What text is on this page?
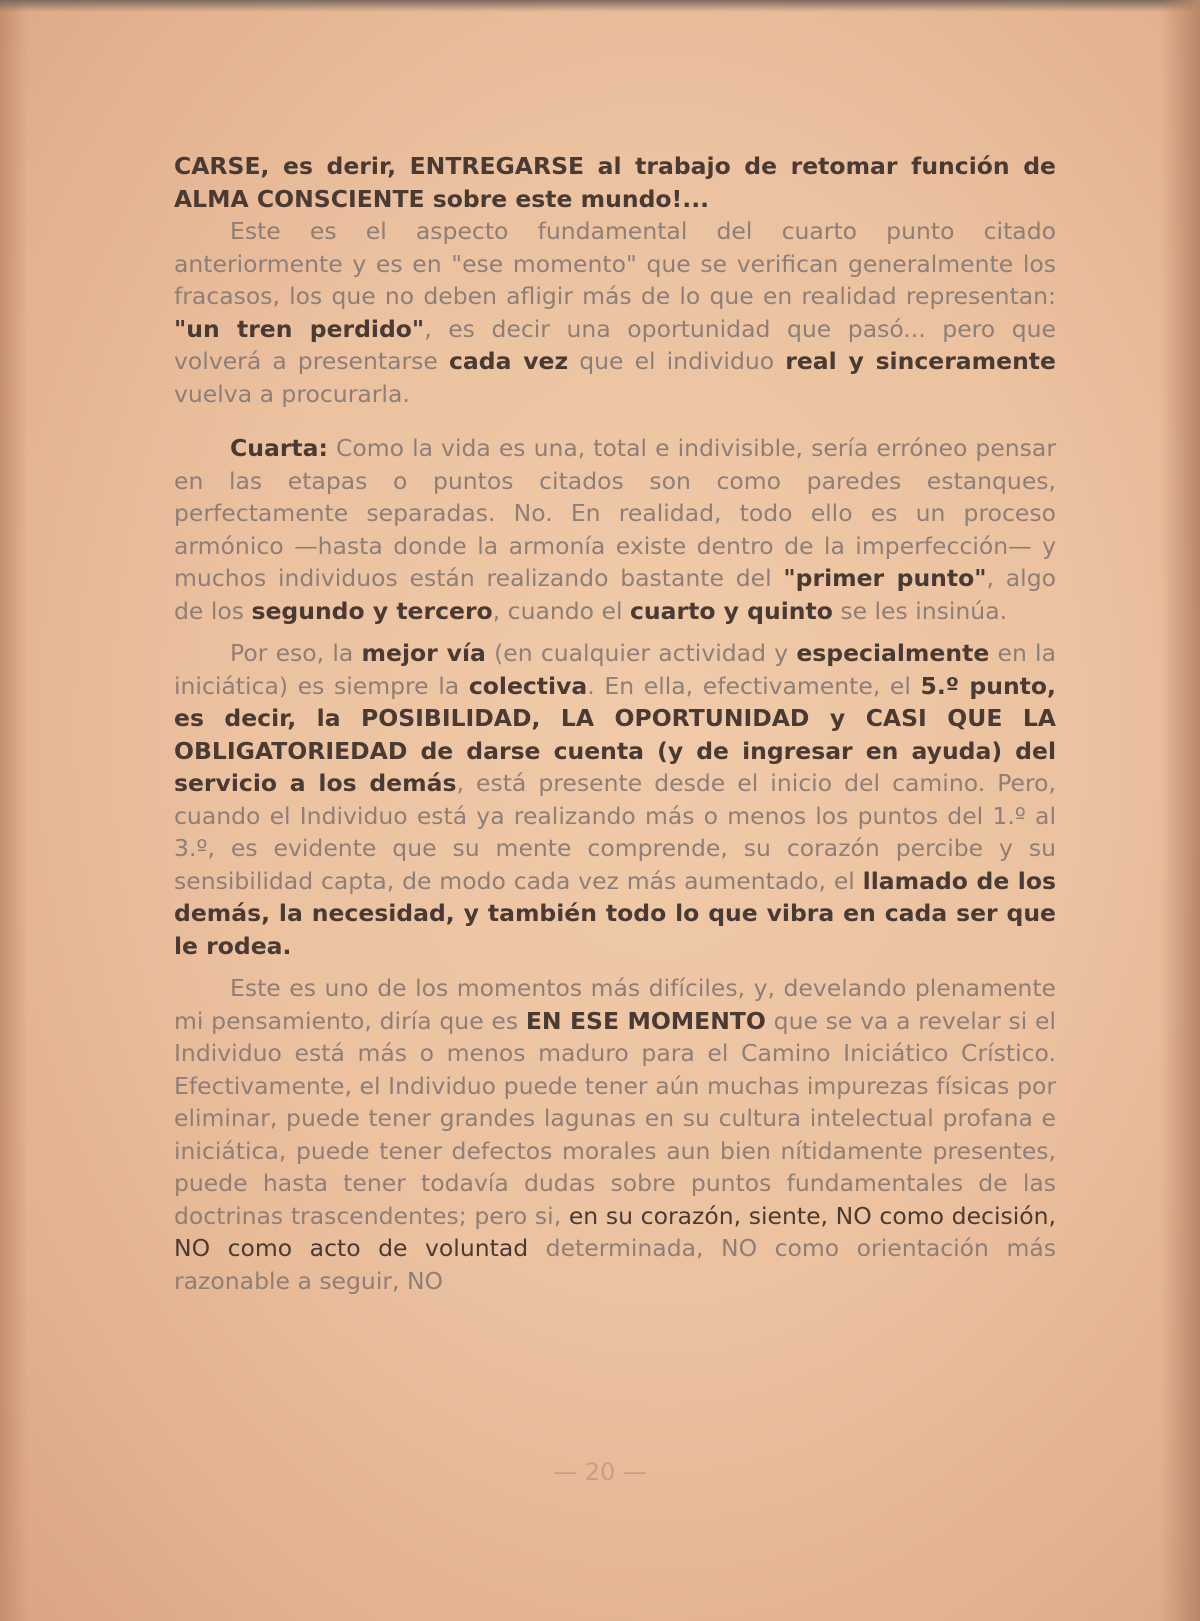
CARSE, es derir, ENTREGARSE al trabajo de retomar función de ALMA CONSCIENTE sobre este mundo!...

Este es el aspecto fundamental del cuarto punto citado anteriormente y es en "ese momento" que se verifican generalmente los fracasos, los que no deben afligir más de lo que en realidad representan: "un tren perdido", es decir una oportunidad que pasó... pero que volverá a presentarse cada vez que el individuo real y sinceramente vuelva a procurarla.

Cuarta: Como la vida es una, total e indivisible, sería erróneo pensar en las etapas o puntos citados son como paredes estanques, perfectamente separadas. No. En realidad, todo ello es un proceso armónico —hasta donde la armonía existe dentro de la imperfección— y muchos individuos están realizando bastante del "primer punto", algo de los segundo y tercero, cuando el cuarto y quinto se les insinúa.

Por eso, la mejor vía (en cualquier actividad y especialmente en la iniciática) es siempre la colectiva. En ella, efectivamente, el 5.º punto, es decir, la POSIBILIDAD, LA OPORTUNIDAD y CASI QUE LA OBLIGATORIEDAD de darse cuenta (y de ingresar en ayuda) del servicio a los demás, está presente desde el inicio del camino. Pero, cuando el Individuo está ya realizando más o menos los puntos del 1.º al 3.º, es evidente que su mente comprende, su corazón percibe y su sensibilidad capta, de modo cada vez más aumentado, el llamado de los demás, la necesidad, y también todo lo que vibra en cada ser que le rodea.

Este es uno de los momentos más difíciles, y, develando plenamente mi pensamiento, diría que es EN ESE MOMENTO que se va a revelar si el Individuo está más o menos maduro para el Camino Iniciático Crístico. Efectivamente, el Individuo puede tener aún muchas impurezas físicas por eliminar, puede tener grandes lagunas en su cultura intelectual profana e iniciática, puede tener defectos morales aun bien nítidamente presentes, puede hasta tener todavía dudas sobre puntos fundamentales de las doctrinas trascendentes; pero si, en su corazón, siente, NO como decisión, NO como acto de voluntad determinada, NO como orientación más razonable a seguir, NO

— 20 —
